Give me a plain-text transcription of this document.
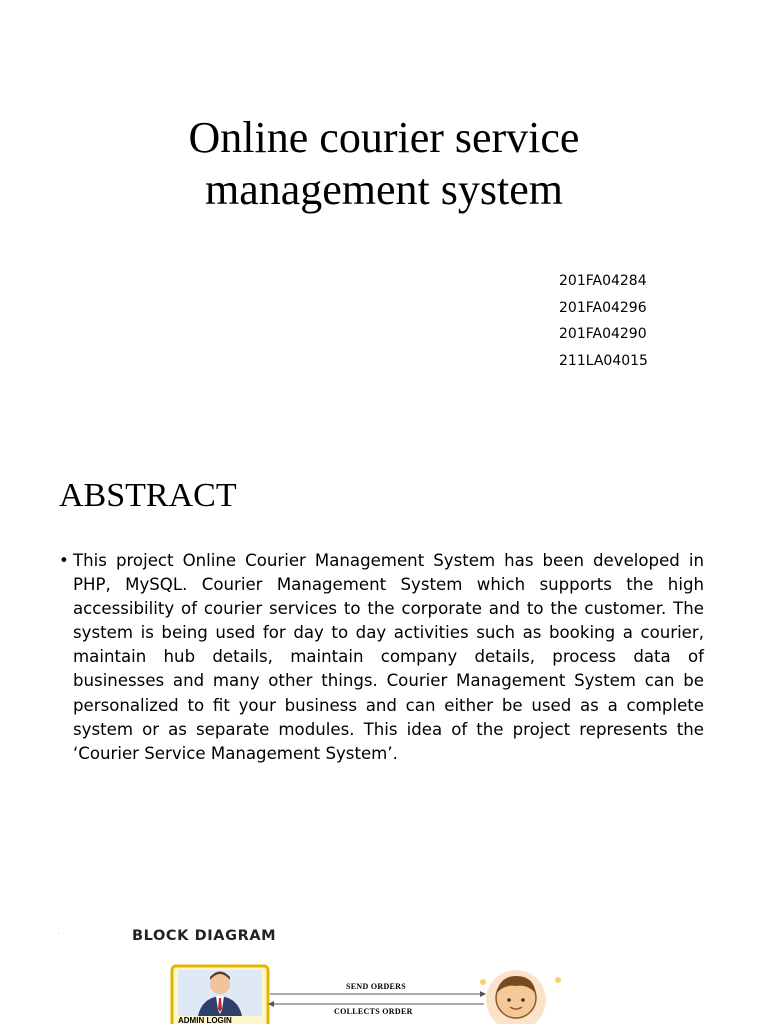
Online courier service
management system
201FA04284
201FA04296
201FA04290
211LA04015
ABSTRACT
• This project Online Courier Management System has been developed in PHP, MySQL. Courier Management System which supports the high accessibility of courier services to the corporate and to the customer. The system is being used for day to day activities such as booking a courier, maintain hub details, maintain company details, process data of businesses and many other things. Courier Management System can be personalized to fit your business and can either be used as a complete system or as separate modules. This idea of the project represents the ‘Courier Service Management System’.
.	BLOCK DIAGRAM
SEND ORDERS
COLLECTS ORDER
ADMIN LOGIN
